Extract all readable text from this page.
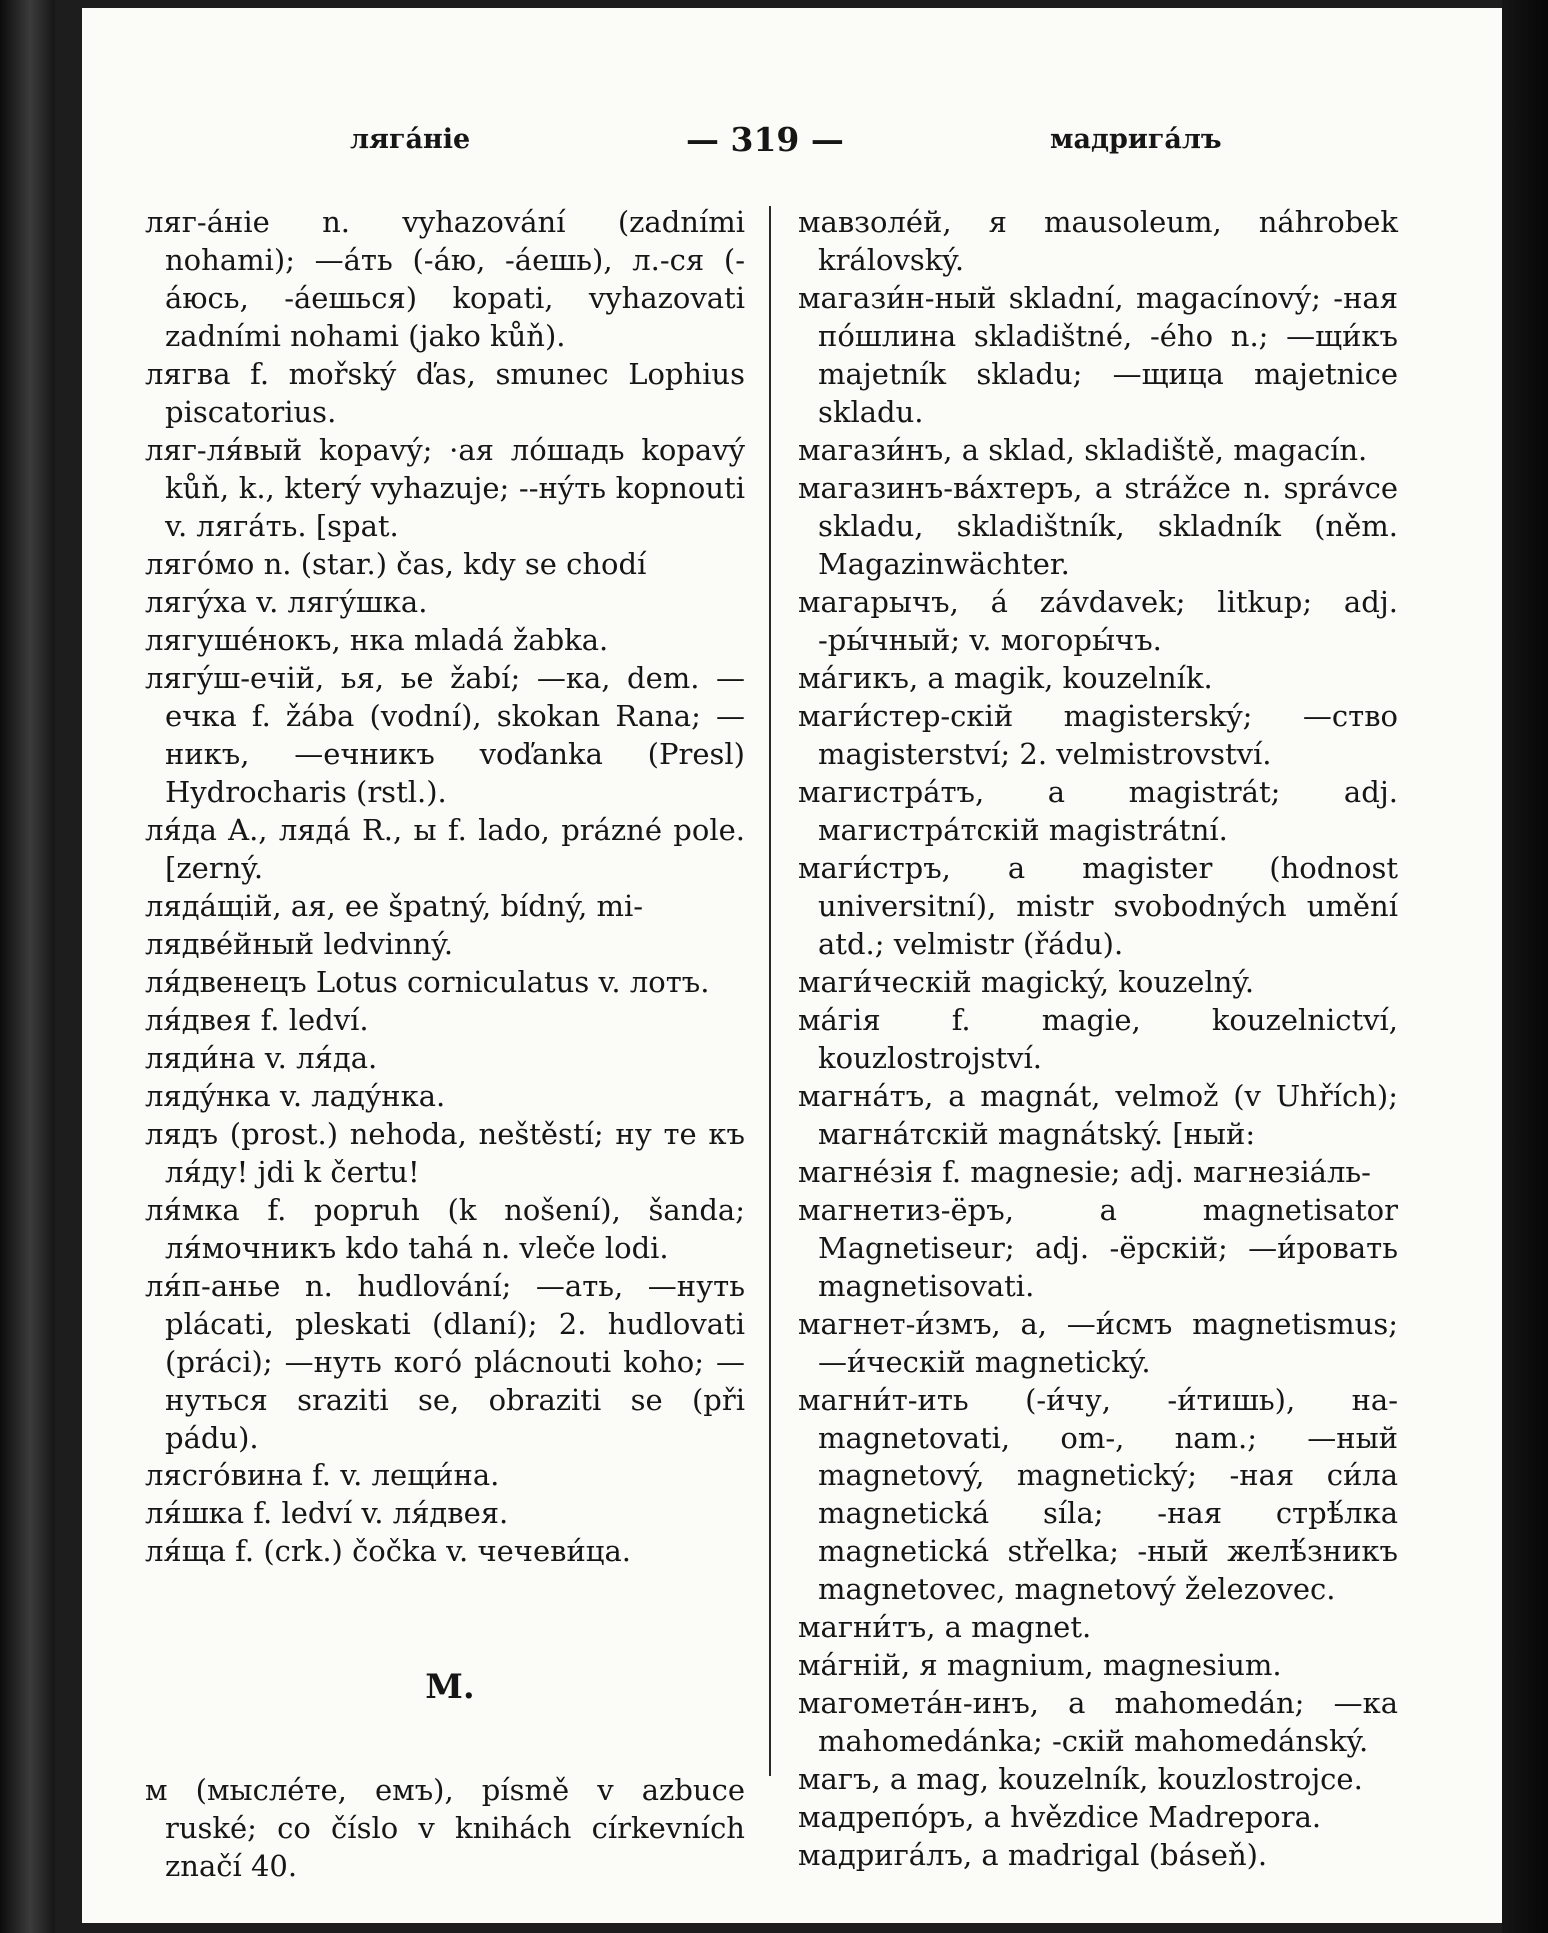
лягáніе	— 319 —	мадригáлъ

ляг-áніе n. vyhazování (zadními nohami); —áть (-áю, -áешь), л.-ся (-áюсь, -áешься) kopati, vyhazovati zadními nohami (jako kůň).

лягва f. mořský ďas, smunec Lophius piscatorius.

ляг-ля́вый kopavý; ·ая лóшадь kopavý kůň, k., který vyhazuje; --нýть kopnouti v. лягáть. [spat.

лягóмо n. (star.) čas, kdy se chodí

лягýха v. лягýшка.

лягушéнокъ, нка mladá žabka.

лягýш-ечій, ья, ье žabí; —ка, dem. —ечка f. žába (vodní), skokan Rana; —никъ, —ечникъ voďanka (Presl) Hydrocharis (rstl.).

ля́да A., лядá R., ы f. lado, prázné pole. [zerný.

лядáщій, ая, ее špatný, bídný, mi-

лядвéйный ledvinný.

ля́двенецъ Lotus corniculatus v. лотъ.

ля́двея f. ledví.

ляди́на v. ля́да.

лядýнка v. ладýнка.

лядъ (prost.) nehoda, neštěstí; ну те къ ля́ду! jdi k čertu!

ля́мка f. popruh (k nošení), šanda; ля́мочникъ kdo tahá n. vleče lodi.

ля́п-анье n. hudlování; —ать, —нуть plácati, pleskati (dlaní); 2. hudlovati (práci); —нуть когó plácnouti koho; —нуться sraziti se, obraziti se (při pádu).

лясгóвина f. v. лещи́на.

ля́шка f. ledví v. ля́двея.

ля́ща f. (crk.) čočka v. чечеви́ца.

M.

м (мыслéте, емъ), písmě v azbuce ruské; co číslo v knihách církevních značí 40.

мавзолéй, я mausoleum, náhrobek královský.

магази́н-ный skladní, magacínový; -ная пóшлина skladištné, -ého n.; —щи́къ majetník skladu; —щица majetnice skladu.

магази́нъ, a sklad, skladiště, magacín.

магазинъ-вáхтеръ, a strážce n. správce skladu, skladištník, skladník (něm. Magazinwächter.

магарычъ, á závdavek; litkup; adj. -ры́чный; v. могоры́чъ.

мáгикъ, a magik, kouzelník.

маги́стер-скій magisterský; —ство magisterství; 2. velmistrovství.

магистрáтъ, a magistrát; adj. магистрáтскій magistrátní.

маги́стръ, a magister (hodnost universitní), mistr svobodných umění atd.; velmistr (řádu).

маги́ческій magický, kouzelný.

мáгія f. magie, kouzelnictví, kouzlostrojství.

магнáтъ, a magnát, velmož (v Uhřích); магнáтскій magnátský. [ный:

магнéзія f. magnesie; adj. магнезіáль-

магнетиз-ёръ, a magnetisator Magnetiseur; adj. -ёрскій; —и́ровать magnetisovati.

магнет-и́змъ, a, —и́смъ magnetismus; —и́ческій magnetický.

магни́т-ить (-и́чу, -и́тишь), на- magnetovati, om-, nam.; —ный magnetový, magnetický; -ная си́ла magnetická síla; -ная стрѣ́лка magnetická střelka; -ный желѣ́зникъ magnetovec, magnetový železovec.

магни́тъ, a magnet.

мáгній, я magnium, magnesium.

магометáн-инъ, a mahomedán; —ка mahomedánka; -скій mahomedánský.

магъ, a mag, kouzelník, kouzlostrojce.

мадрепóръ, a hvězdice Madrepora.

мадригáлъ, a madrigal (báseň).
